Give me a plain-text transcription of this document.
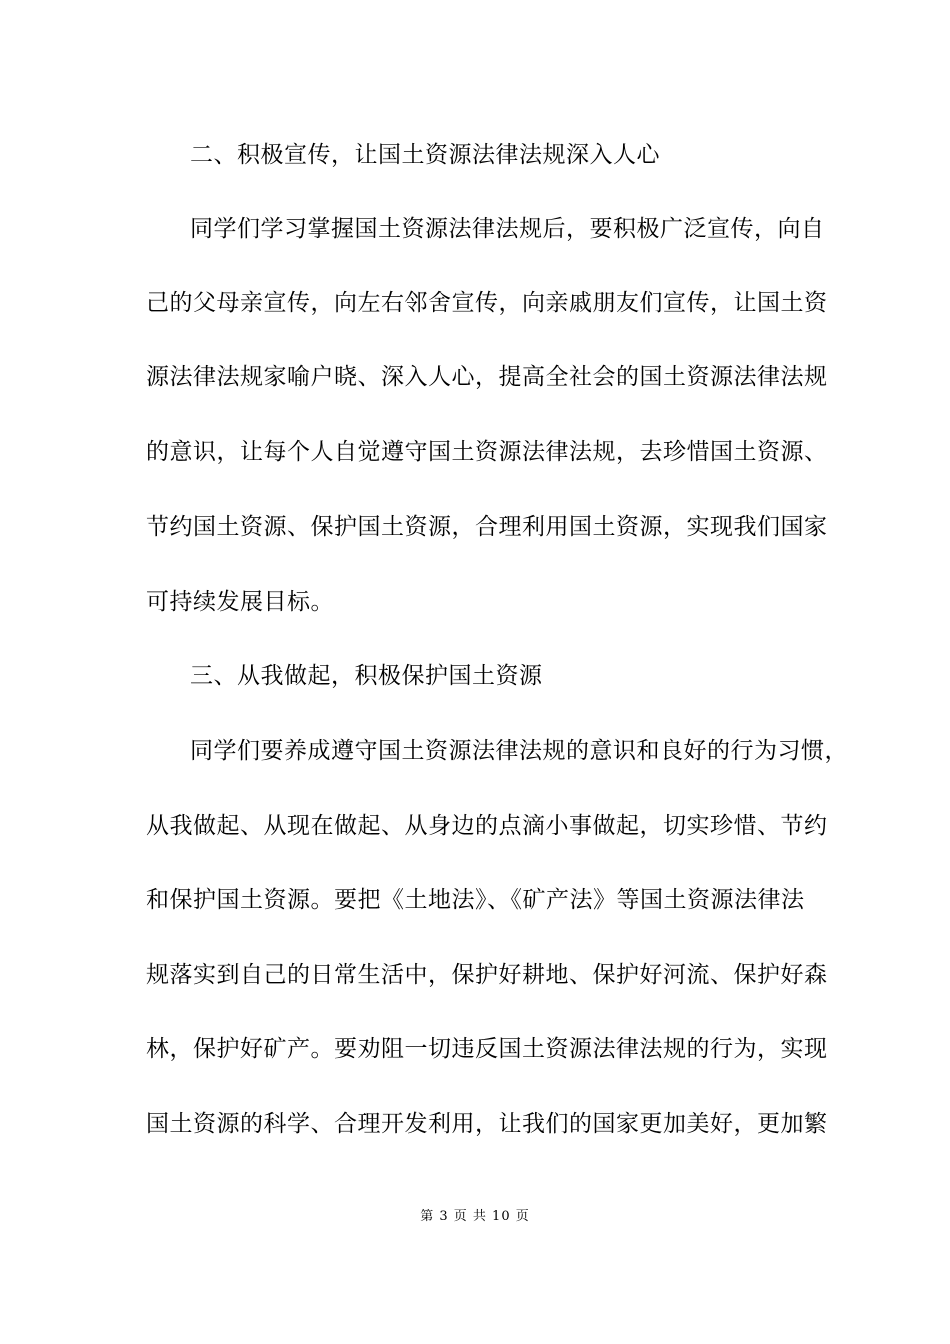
二、积极宣传，让国土资源法律法规深入人心
同学们学习掌握国土资源法律法规后，要积极广泛宣传，向自
己的父母亲宣传，向左右邻舍宣传，向亲戚朋友们宣传，让国土资
源法律法规家喻户晓、深入人心，提高全社会的国土资源法律法规
的意识，让每个人自觉遵守国土资源法律法规，去珍惜国土资源、
节约国土资源、保护国土资源，合理利用国土资源，实现我们国家
可持续发展目标。
三、从我做起，积极保护国土资源
同学们要养成遵守国土资源法律法规的意识和良好的行为习惯，
从我做起、从现在做起、从身边的点滴小事做起，切实珍惜、节约
和保护国土资源。要把《土地法》、《矿产法》等国土资源法律法
规落实到自己的日常生活中，保护好耕地、保护好河流、保护好森
林，保护好矿产。要劝阻一切违反国土资源法律法规的行为，实现
国土资源的科学、合理开发利用，让我们的国家更加美好，更加繁
第 3 页 共 10 页
